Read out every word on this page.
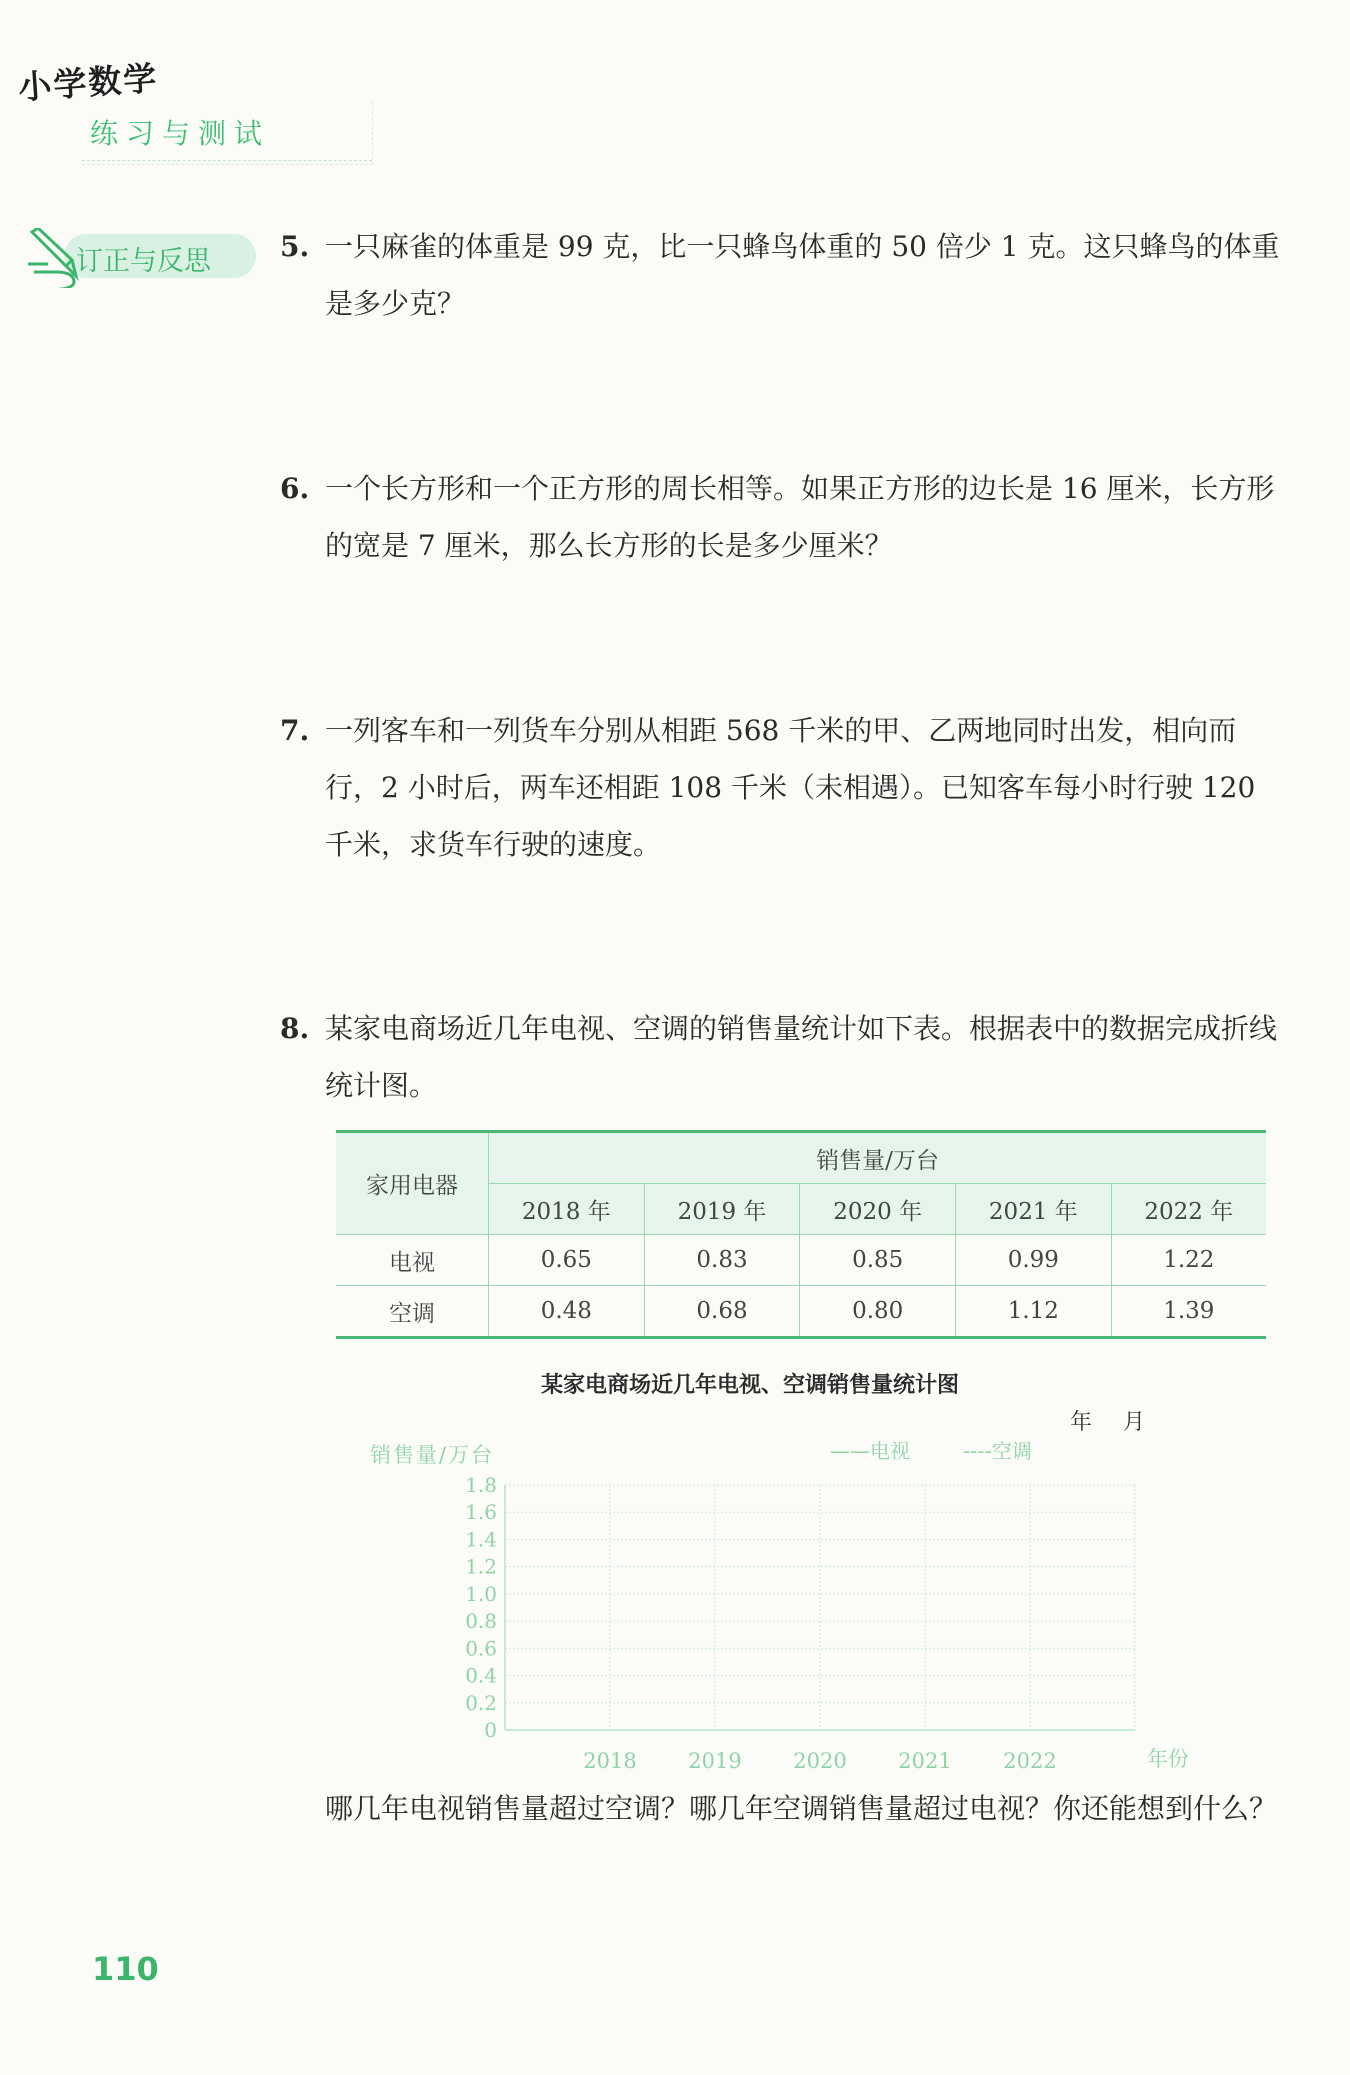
小学数学
练习与测试
订正与反思 5. 一只麻雀的体重是 99 克，比一只蜂鸟体重的 50 倍少 1 克。这只蜂鸟的体重是多少克？
6. 一个长方形和一个正方形的周长相等。如果正方形的边长是 16 厘米，长方形的宽是 7 厘米，那么长方形的长是多少厘米？
7. 一列客车和一列货车分别从相距 568 千米的甲、乙两地同时出发，相向而行，2 小时后，两车还相距 108 千米（未相遇）。已知客车每小时行驶 120 千米，求货车行驶的速度。
8. 某家电商场近几年电视、空调的销售量统计如下表。根据表中的数据完成折线统计图。
家用电器	销售量/万台				
	2018 年	2019 年	2020 年	2021 年	2022 年
电视	0.65	0.83	0.85	0.99	1.22
空调	0.48	0.68	0.80	1.12	1.39
某家电商场近几年电视、空调销售量统计图
年 月
0
0.2
0.4
0.6
0.8
1.0
1.2
1.4
1.6
1.8
2018 2019 2020 2021 2022	年份
销售量/万台	——电视	----空调
哪几年电视销售量超过空调？哪几年空调销售量超过电视？你还能想到什么？
110
